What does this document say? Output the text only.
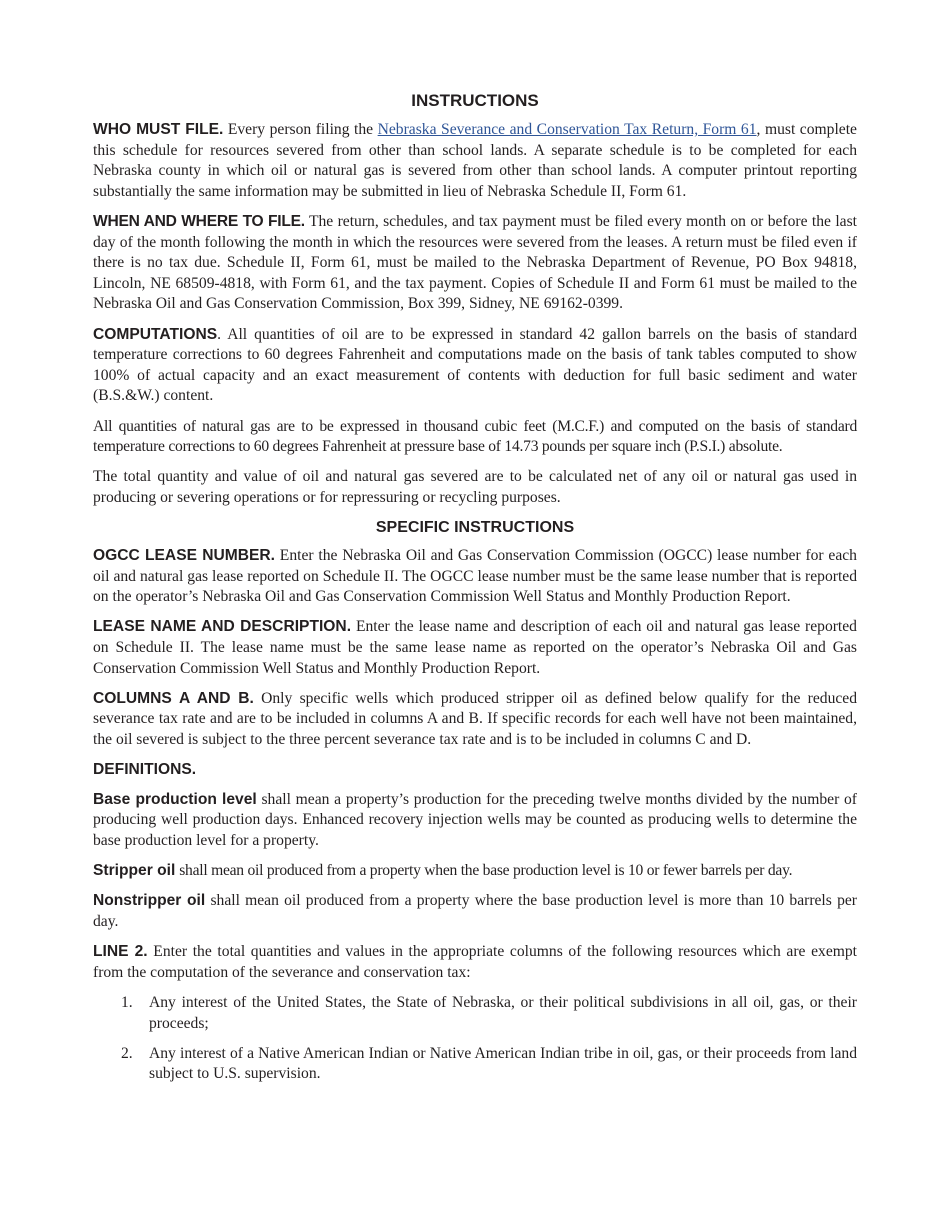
INSTRUCTIONS

WHO MUST FILE. Every person filing the Nebraska Severance and Conservation Tax Return, Form 61, must complete this schedule for resources severed from other than school lands. A separate schedule is to be completed for each Nebraska county in which oil or natural gas is severed from other than school lands. A computer printout reporting substantially the same information may be submitted in lieu of Nebraska Schedule II, Form 61.

WHEN AND WHERE TO FILE. The return, schedules, and tax payment must be filed every month on or before the last day of the month following the month in which the resources were severed from the leases. A return must be filed even if there is no tax due. Schedule II, Form 61, must be mailed to the Nebraska Department of Revenue, PO Box 94818, Lincoln, NE 68509-4818, with Form 61, and the tax payment. Copies of Schedule II and Form 61 must be mailed to the Nebraska Oil and Gas Conservation Commission, Box 399, Sidney, NE 69162-0399.

COMPUTATIONS. All quantities of oil are to be expressed in standard 42 gallon barrels on the basis of standard temperature corrections to 60 degrees Fahrenheit and computations made on the basis of tank tables computed to show 100% of actual capacity and an exact measurement of contents with deduction for full basic sediment and water (B.S.&W.) content.

All quantities of natural gas are to be expressed in thousand cubic feet (M.C.F.) and computed on the basis of standard temperature corrections to 60 degrees Fahrenheit at pressure base of 14.73 pounds per square inch (P.S.I.) absolute.

The total quantity and value of oil and natural gas severed are to be calculated net of any oil or natural gas used in producing or severing operations or for repressuring or recycling purposes.

SPECIFIC INSTRUCTIONS

OGCC LEASE NUMBER. Enter the Nebraska Oil and Gas Conservation Commission (OGCC) lease number for each oil and natural gas lease reported on Schedule II. The OGCC lease number must be the same lease number that is reported on the operator’s Nebraska Oil and Gas Conservation Commission Well Status and Monthly Production Report.

LEASE NAME AND DESCRIPTION. Enter the lease name and description of each oil and natural gas lease reported on Schedule II. The lease name must be the same lease name as reported on the operator’s Nebraska Oil and Gas Conservation Commission Well Status and Monthly Production Report.

COLUMNS A AND B. Only specific wells which produced stripper oil as defined below qualify for the reduced severance tax rate and are to be included in columns A and B. If specific records for each well have not been maintained, the oil severed is subject to the three percent severance tax rate and is to be included in columns C and D.

DEFINITIONS.

Base production level shall mean a property’s production for the preceding twelve months divided by the number of producing well production days. Enhanced recovery injection wells may be counted as producing wells to determine the base production level for a property.

Stripper oil shall mean oil produced from a property when the base production level is 10 or fewer barrels per day.

Nonstripper oil shall mean oil produced from a property where the base production level is more than 10 barrels per day.

LINE 2. Enter the total quantities and values in the appropriate columns of the following resources which are exempt from the computation of the severance and conservation tax:

1. Any interest of the United States, the State of Nebraska, or their political subdivisions in all oil, gas, or their proceeds;
2. Any interest of a Native American Indian or Native American Indian tribe in oil, gas, or their proceeds from land subject to U.S. supervision.
